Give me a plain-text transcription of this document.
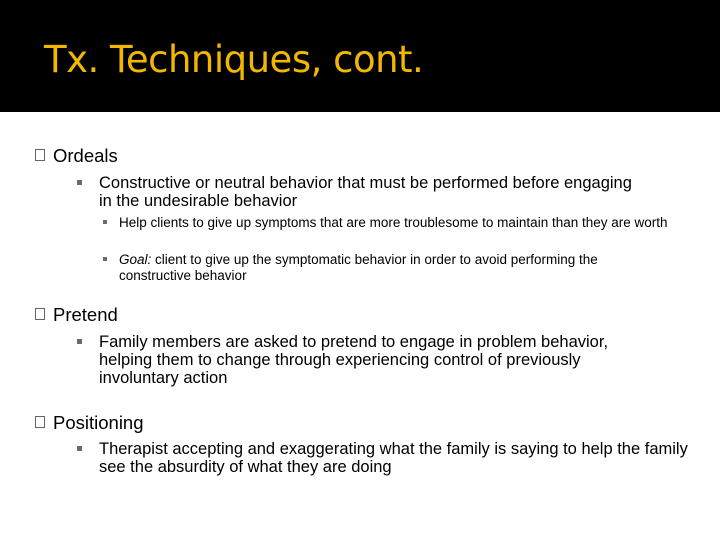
Tx. Techniques, cont.
Ordeals
Constructive or neutral behavior that must be performed before engaging in the undesirable behavior
Help clients to give up symptoms that are more troublesome to maintain than they are worth
Goal: client to give up the symptomatic behavior in order to avoid performing the constructive behavior
Pretend
Family members are asked to pretend to engage in problem behavior, helping them to change through experiencing control of previously involuntary action
Positioning
Therapist accepting and exaggerating what the family is saying to help the family see the absurdity of what they are doing
